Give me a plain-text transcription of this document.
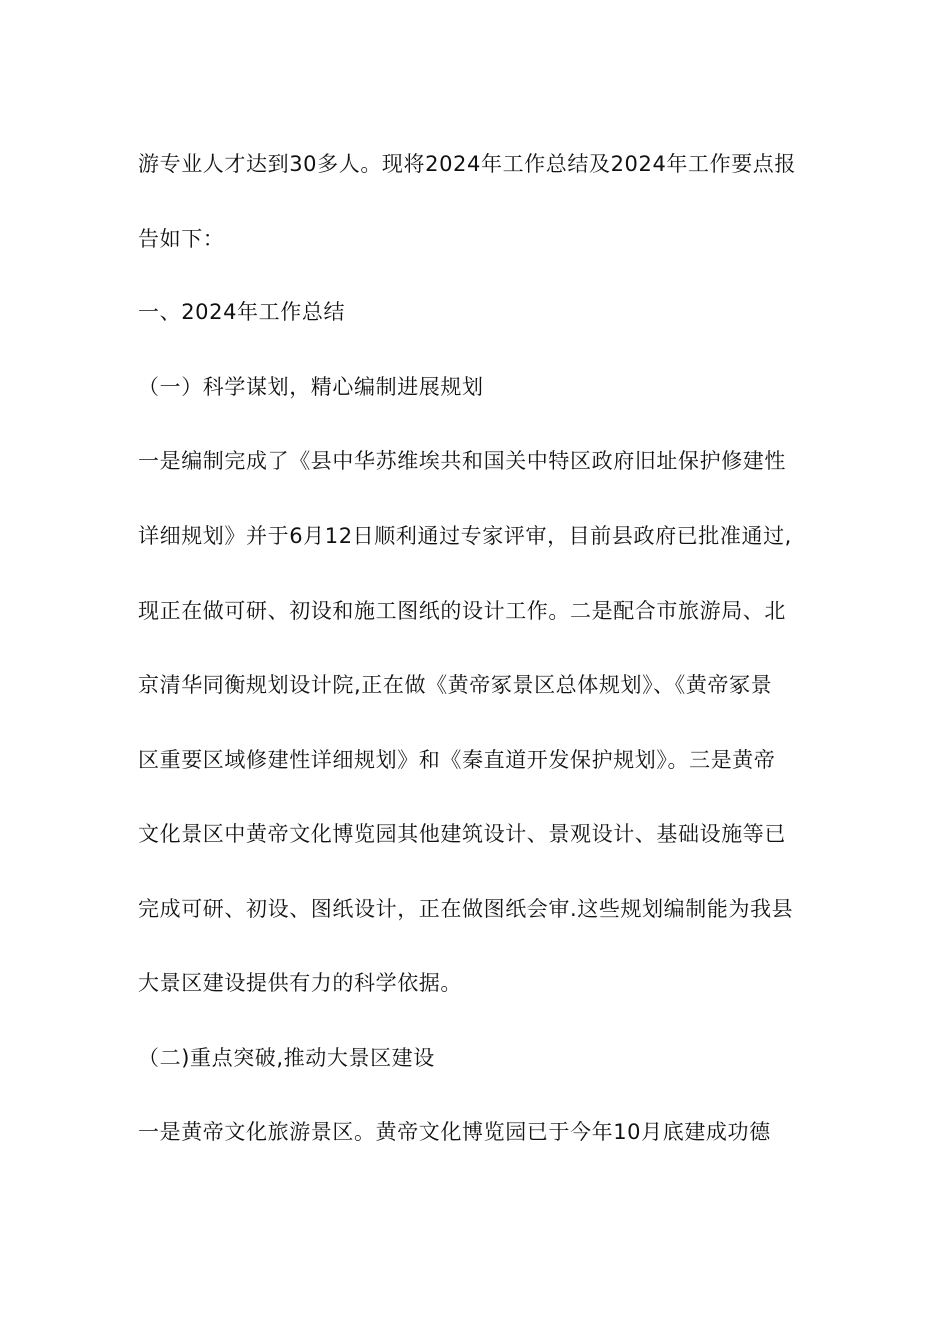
游专业人才达到30多人。现将2024年工作总结及2024年工作要点报
告如下：
一、2024年工作总结
（一）科学谋划，精心编制进展规划
一是编制完成了《县中华苏维埃共和国关中特区政府旧址保护修建性
详细规划》并于6月12日顺利通过专家评审，目前县政府已批准通过,
现正在做可研、初设和施工图纸的设计工作。二是配合市旅游局、北
京清华同衡规划设计院,正在做《黄帝冢景区总体规划》、《黄帝冢景
区重要区域修建性详细规划》和《秦直道开发保护规划》。三是黄帝
文化景区中黄帝文化博览园其他建筑设计、景观设计、基础设施等已
完成可研、初设、图纸设计，正在做图纸会审.这些规划编制能为我县
大景区建设提供有力的科学依据。
（二)重点突破,推动大景区建设
一是黄帝文化旅游景区。黄帝文化博览园已于今年10月底建成功德
